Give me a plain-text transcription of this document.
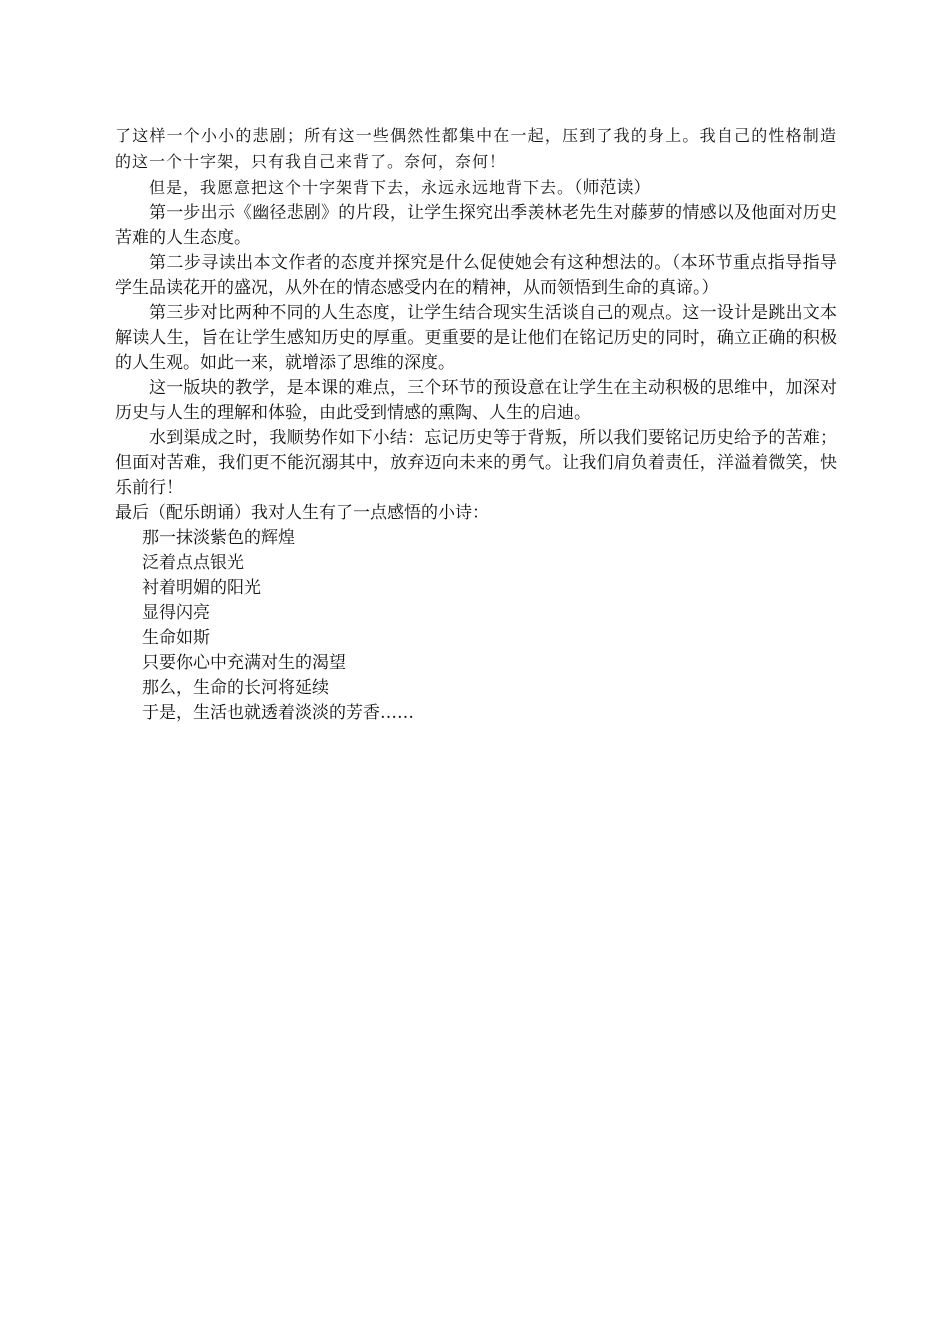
了这样一个小小的悲剧；所有这一些偶然性都集中在一起，压到了我的身上。我自己的性格制造的这一个十字架，只有我自己来背了。奈何，奈何！

但是，我愿意把这个十字架背下去，永远永远地背下去。（师范读）

第一步出示《幽径悲剧》的片段，让学生探究出季羡林老先生对藤萝的情感以及他面对历史苦难的人生态度。

第二步寻读出本文作者的态度并探究是什么促使她会有这种想法的。（本环节重点指导指导学生品读花开的盛况，从外在的情态感受内在的精神，从而领悟到生命的真谛。）

第三步对比两种不同的人生态度，让学生结合现实生活谈自己的观点。这一设计是跳出文本解读人生，旨在让学生感知历史的厚重。更重要的是让他们在铭记历史的同时，确立正确的积极的人生观。如此一来，就增添了思维的深度。

这一版块的教学，是本课的难点，三个环节的预设意在让学生在主动积极的思维中，加深对历史与人生的理解和体验，由此受到情感的熏陶、人生的启迪。

水到渠成之时，我顺势作如下小结：忘记历史等于背叛，所以我们要铭记历史给予的苦难；但面对苦难，我们更不能沉溺其中，放弃迈向未来的勇气。让我们肩负着责任，洋溢着微笑，快乐前行！

最后（配乐朗诵）我对人生有了一点感悟的小诗：

那一抹淡紫色的辉煌

泛着点点银光

衬着明媚的阳光

显得闪亮

生命如斯

只要你心中充满对生的渴望

那么，生命的长河将延续

于是，生活也就透着淡淡的芳香……
